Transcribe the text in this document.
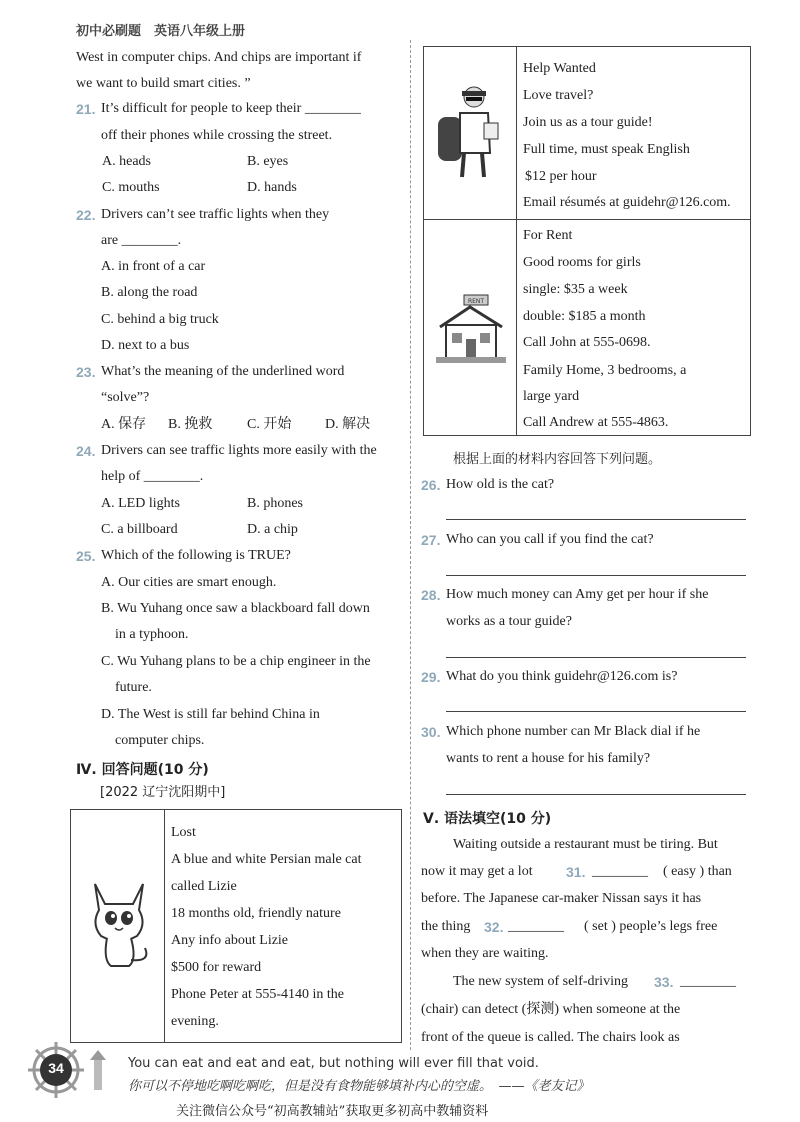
初中必刷题　英语八年级上册
West in computer chips. And chips are important if
we want to build smart cities. ”
21. It’s difficult for people to keep their ________
off their phones while crossing the street.
A. heads	B. eyes
C. mouths	D. hands
22. Drivers can’t see traffic lights when they
are ________.
A. in front of a car
B. along the road
C. behind a big truck
D. next to a bus
23. What’s the meaning of the underlined word
“solve”?
A. 保存 B. 挽救 C. 开始 D. 解决
24. Drivers can see traffic lights more easily with the
help of ________.
A. LED lights	B. phones
C. a billboard	D. a chip
25. Which of the following is TRUE?
A. Our cities are smart enough.
B. Wu Yuhang once saw a blackboard fall down
in a typhoon.
C. Wu Yuhang plans to be a chip engineer in the
future.
D. The West is still far behind China in
computer chips.
Ⅳ. 回答问题(10 分)
[2022 辽宁沈阳期中]
Lost
A blue and white Persian male cat
called Lizie
18 months old, friendly nature
Any info about Lizie
$500 for reward
Phone Peter at 555-4140 in the
evening.
Help Wanted
Love travel?
Join us as a tour guide!
Full time, must speak English
$12 per hour
Email résumés at guidehr@126.com.
RENT
For Rent
Good rooms for girls
single: $35 a week
double: $185 a month
Call John at 555-0698.
Family Home, 3 bedrooms, a
large yard
Call Andrew at 555-4863.
根据上面的材料内容回答下列问题。
26. How old is the cat?
27. Who can you call if you find the cat?
28. How much money can Amy get per hour if she
works as a tour guide?
29. What do you think guidehr@126.com is?
30. Which phone number can Mr Black dial if he
wants to rent a house for his family?
Ⅴ. 语法填空(10 分)
Waiting outside a restaurant must be tiring. But
now it may get a lot 31. ________ ( easy ) than
before. The Japanese car-maker Nissan says it has
the thing 32. ________ ( set ) people’s legs free
when they are waiting.
The new system of self-driving 33. ________
(chair) can detect (探测) when someone at the
front of the queue is called. The chairs look as
34	You can eat and eat and eat, but nothing will ever fill that void.
你可以不停地吃啊吃啊吃，但是没有食物能够填补内心的空虚。　——《老友记》
关注微信公众号“初高教辅站”获取更多初高中教辅资料
